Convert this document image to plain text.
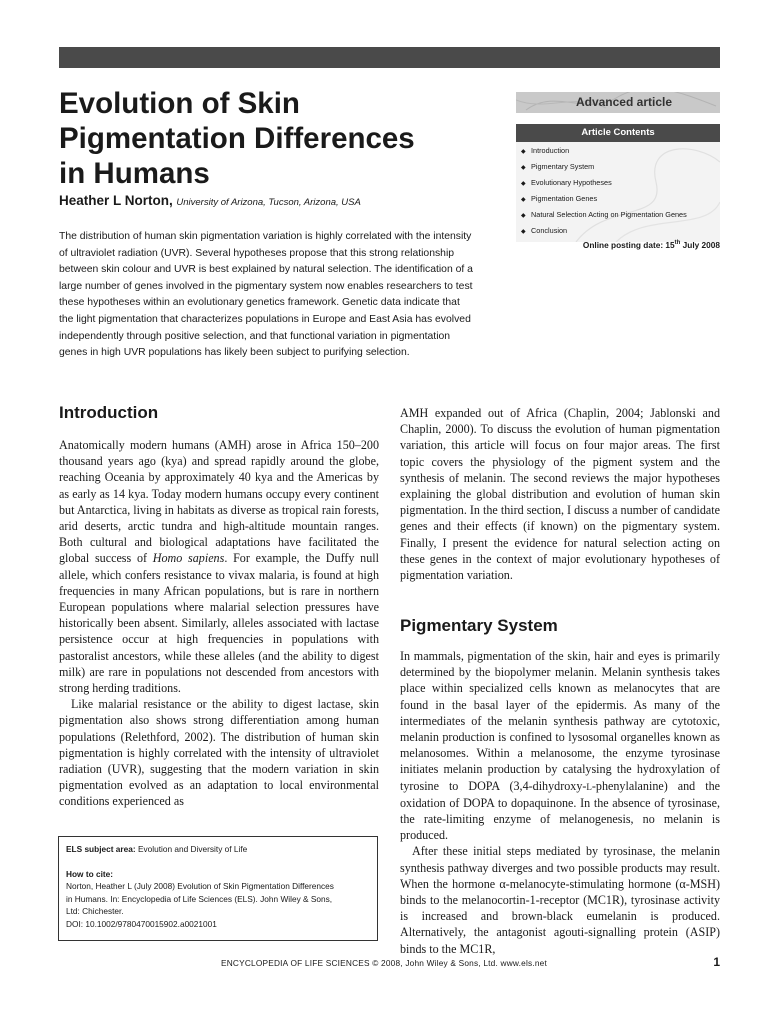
Evolution of Skin
Pigmentation Differences
in Humans
Heather L Norton, University of Arizona, Tucson, Arizona, USA
The distribution of human skin pigmentation variation is highly correlated with the intensity of ultraviolet radiation (UVR). Several hypotheses propose that this strong relationship between skin colour and UVR is best explained by natural selection. The identification of a large number of genes involved in the pigmentary system now enables researchers to test these hypotheses within an evolutionary genetics framework. Genetic data indicate that the light pigmentation that characterizes populations in Europe and East Asia has evolved independently through positive selection, and that functional variation in pigmentation genes in high UVR populations has likely been subject to purifying selection.
Advanced article
Article Contents
◆ Introduction
◆ Pigmentary System
◆ Evolutionary Hypotheses
◆ Pigmentation Genes
◆ Natural Selection Acting on Pigmentation Genes
◆ Conclusion
Online posting date: 15th July 2008
Introduction

Anatomically modern humans (AMH) arose in Africa 150–200 thousand years ago (kya) and spread rapidly around the globe, reaching Oceania by approximately 40 kya and the Americas by as early as 14 kya. Today modern humans occupy every continent but Antarctica, living in habitats as diverse as tropical rain forests, arid deserts, arctic tundra and high-altitude mountain ranges. Both cultural and biological adaptations have facilitated the global success of Homo sapiens. For example, the Duffy null allele, which confers resistance to vivax malaria, is found at high frequencies in many African populations, but is rare in northern European populations where malarial selection pressures have historically been absent. Similarly, alleles associated with lactase persistence occur at high frequencies in populations with pastoralist ancestors, while these alleles (and the ability to digest milk) are rare in populations not descended from ancestors with strong herding traditions.

Like malarial resistance or the ability to digest lactase, skin pigmentation also shows strong differentiation among human populations (Relethford, 2002). The distribution of human skin pigmentation is highly correlated with the intensity of ultraviolet radiation (UVR), suggesting that the modern variation in skin pigmentation evolved as an adaptation to local environmental conditions experienced as

AMH expanded out of Africa (Chaplin, 2004; Jablonski and Chaplin, 2000). To discuss the evolution of human pigmentation variation, this article will focus on four major areas. The first topic covers the physiology of the pigment system and the synthesis of melanin. The second reviews the major hypotheses explaining the global distribution and evolution of human skin pigmentation. In the third section, I discuss a number of candidate genes and their effects (if known) on the pigmentary system. Finally, I present the evidence for natural selection acting on these genes in the context of major evolutionary hypotheses of pigmentation variation.

Pigmentary System

In mammals, pigmentation of the skin, hair and eyes is primarily determined by the biopolymer melanin. Melanin synthesis takes place within specialized cells known as melanocytes that are found in the basal layer of the epidermis. As many of the intermediates of the melanin synthesis pathway are cytotoxic, melanin production is confined to lysosomal organelles known as melanosomes. Within a melanosome, the enzyme tyrosinase initiates melanin production by catalysing the hydroxylation of tyrosine to DOPA (3,4-dihydroxy-L-phenylalanine) and the oxidation of DOPA to dopaquinone. In the absence of tyrosinase, the rate-limiting enzyme of melanogenesis, no melanin is produced.

After these initial steps mediated by tyrosinase, the melanin synthesis pathway diverges and two possible products may result. When the hormone α-melanocyte-stimulating hormone (α-MSH) binds to the melanocortin-1-receptor (MC1R), tyrosinase activity is increased and brown-black eumelanin is produced. Alternatively, the antagonist agouti-signalling protein (ASIP) binds to the MC1R,

ELS subject area: Evolution and Diversity of Life

How to cite:

Norton, Heather L (July 2008) Evolution of Skin Pigmentation Differences

in Humans. In: Encyclopedia of Life Sciences (ELS). John Wiley & Sons,

Ltd: Chichester.

DOI: 10.1002/9780470015902.a0021001

ENCYCLOPEDIA OF LIFE SCIENCES © 2008, John Wiley & Sons, Ltd. www.els.net	1
